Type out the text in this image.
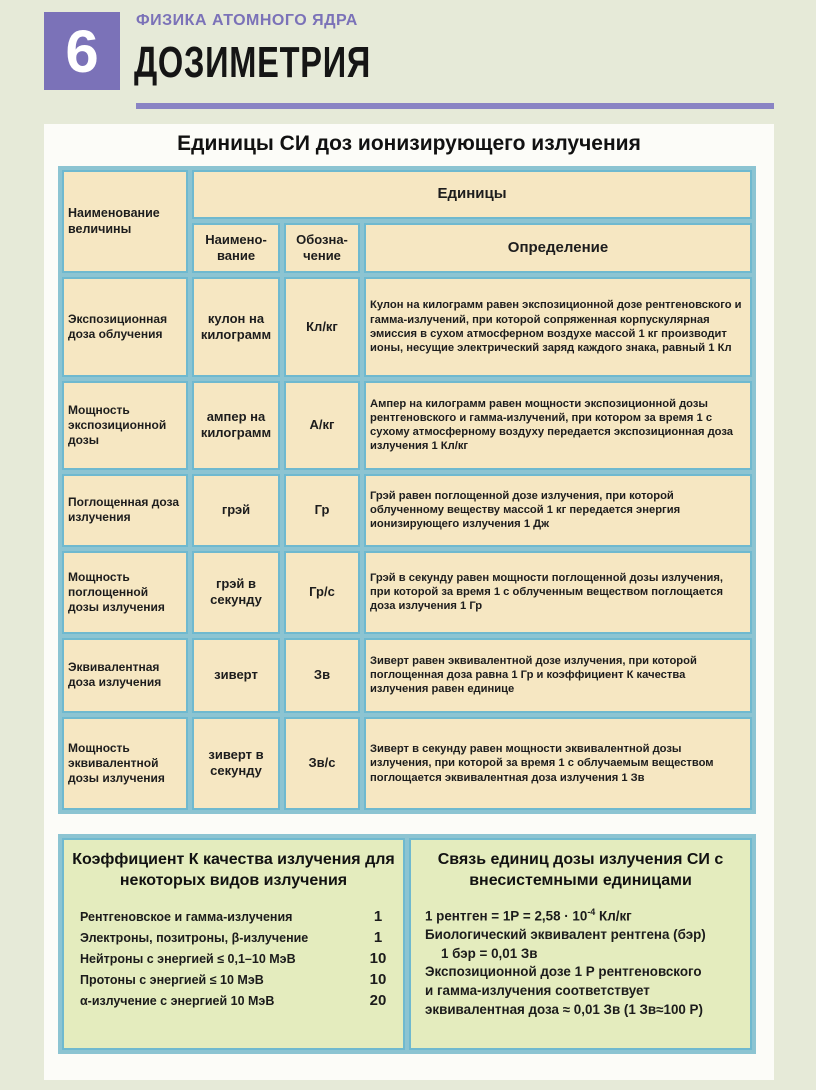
6	ФИЗИКА АТОМНОГО ЯДРА
ДОЗИМЕТРИЯ
Единицы СИ доз ионизирующего излучения
Наименование величины	Единицы		
	Наимено-вание	Обозна-чение	Определение
Экспозиционная доза облучения	кулон на килограмм	Кл/кг	Кулон на килограмм равен экспозиционной дозе рентгеновского и гамма-излучений, при которой сопряженная корпускулярная эмиссия в сухом атмосферном воздухе массой 1 кг производит ионы, несущие электрический заряд каждого знака, равный 1 Кл
Мощность экспозиционной дозы	ампер на килограмм	А/кг	Ампер на килограмм равен мощности экспозиционной дозы рентгеновского и гамма-излучений, при котором за время 1 с сухому атмосферному воздуху передается экспозиционная доза излучения 1 Кл/кг
Поглощенная доза излучения	грэй	Гр	Грэй равен поглощенной дозе излучения, при которой облученному веществу массой 1 кг передается энергия ионизирующего излучения 1 Дж
Мощность поглощенной дозы излучения	грэй в секунду	Гр/с	Грэй в секунду равен мощности поглощенной дозы излучения, при которой за время 1 с облученным веществом поглощается доза излучения 1 Гр
Эквивалентная доза излучения	зиверт	Зв	Зиверт равен эквивалентной дозе излучения, при которой поглощенная доза равна 1 Гр и коэффициент К качества излучения равен единице
Мощность эквивалентной дозы излучения	зиверт в секунду	Зв/с	Зиверт в секунду равен мощности эквивалентной дозы излучения, при которой за время 1 с облучаемым веществом поглощается эквивалентная доза излучения 1 Зв
Коэффициент К качества излучения для некоторых видов излучения
Рентгеновское и гамма-излучения	1
Электроны, позитроны, β-излучение	1
Нейтроны с энергией ≤ 0,1–10 МэВ	10
Протоны с энергией ≤ 10 МэВ	10
α-излучение с энергией 10 МэВ	20
Связь единиц дозы излучения СИ с внесистемными единицами
1 рентген = $1Р = 2,58 \cdot 10^{-4}$ Кл/кг
Биологический эквивалент рентгена (бэр)
1 бэр = 0,01 Зв
Экспозиционной дозе 1 Р рентгеновского
и гамма-излучения соответствует
эквивалентная доза ≈ 0,01 Зв (1 Зв≈100 Р)
